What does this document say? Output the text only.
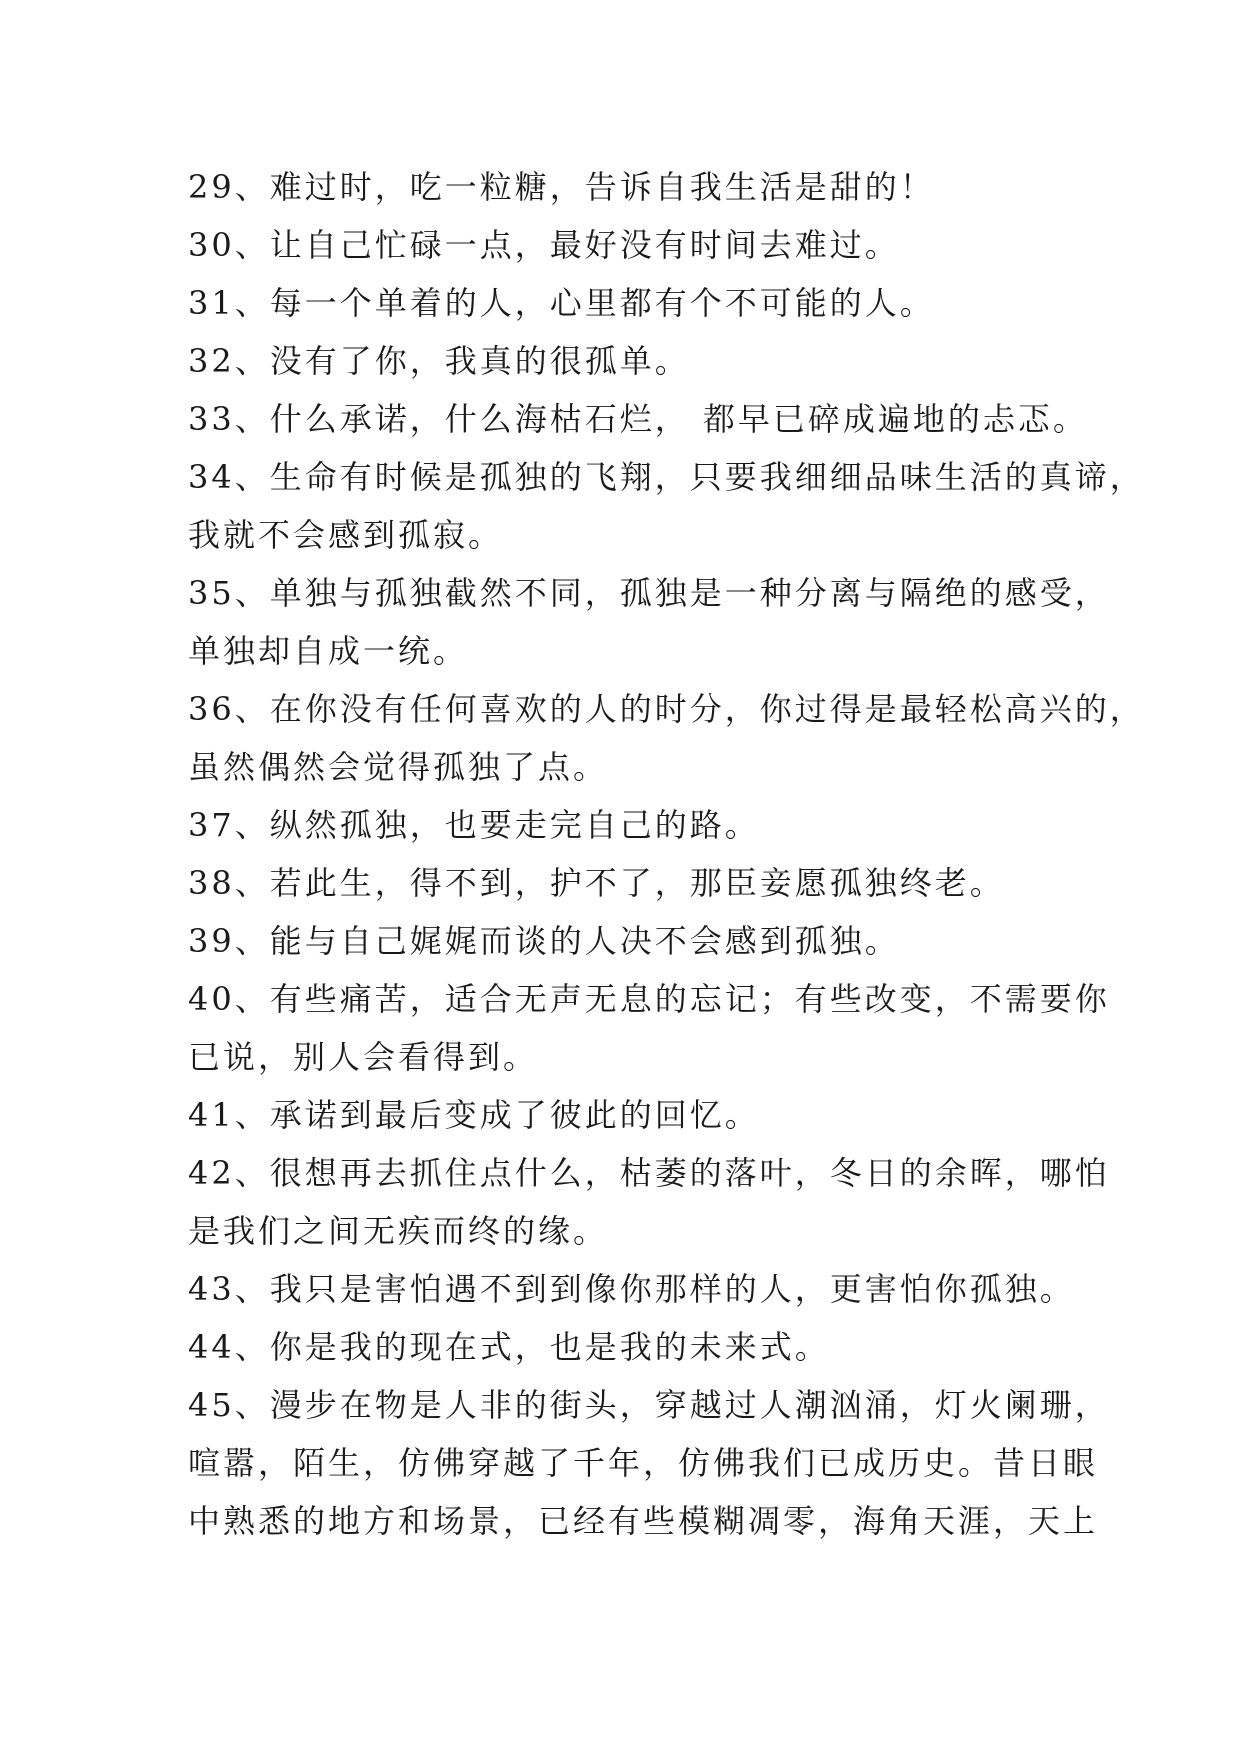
29、难过时，吃一粒糖，告诉自我生活是甜的！
30、让自己忙碌一点，最好没有时间去难过。
31、每一个单着的人，心里都有个不可能的人。
32、没有了你，我真的很孤单。
33、什么承诺，什么海枯石烂， 都早已碎成遍地的忐忑。
34、生命有时候是孤独的飞翔，只要我细细品味生活的真谛，
我就不会感到孤寂。
35、单独与孤独截然不同，孤独是一种分离与隔绝的感受，
单独却自成一统。
36、在你没有任何喜欢的人的时分，你过得是最轻松高兴的，
虽然偶然会觉得孤独了点。
37、纵然孤独，也要走完自己的路。
38、若此生，得不到，护不了，那臣妾愿孤独终老。
39、能与自己娓娓而谈的人决不会感到孤独。
40、有些痛苦，适合无声无息的忘记；有些改变，不需要你
已说，别人会看得到。
41、承诺到最后变成了彼此的回忆。
42、很想再去抓住点什么，枯萎的落叶，冬日的余晖，哪怕
是我们之间无疾而终的缘。
43、我只是害怕遇不到到像你那样的人，更害怕你孤独。
44、你是我的现在式，也是我的未来式。
45、漫步在物是人非的街头，穿越过人潮汹涌，灯火阑珊，
喧嚣，陌生，仿佛穿越了千年，仿佛我们已成历史。昔日眼
中熟悉的地方和场景，已经有些模糊凋零，海角天涯，天上
